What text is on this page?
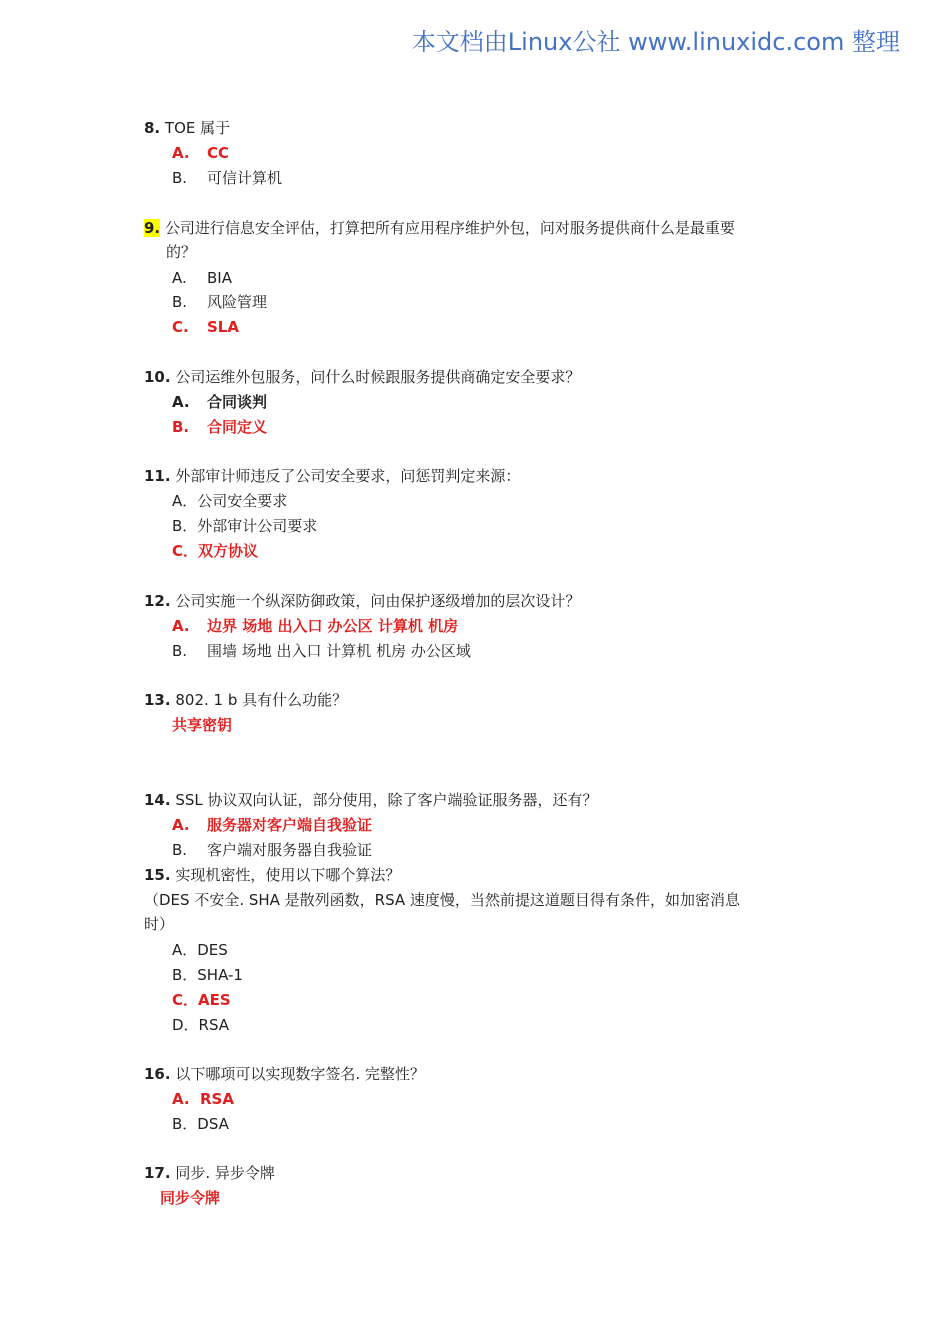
本文档由Linux公社 www.linuxidc.com 整理
8. TOE 属于
A. CC
B. 可信计算机
9. 公司进行信息安全评估，打算把所有应用程序维护外包，问对服务提供商什么是最重要
的？
A. BIA
B. 风险管理
C. SLA
10. 公司运维外包服务，问什么时候跟服务提供商确定安全要求？
A. 合同谈判
B. 合同定义
11. 外部审计师违反了公司安全要求，问惩罚判定来源：
A．公司安全要求
B．外部审计公司要求
C．双方协议
12. 公司实施一个纵深防御政策，问由保护逐级增加的层次设计？
A. 边界 场地 出入口 办公区 计算机 机房
B. 围墙 场地 出入口 计算机 机房 办公区域
13. 802. 1 b 具有什么功能？
共享密钥
14. SSL 协议双向认证，部分使用，除了客户端验证服务器，还有？
A. 服务器对客户端自我验证
B. 客户端对服务器自我验证
15. 实现机密性，使用以下哪个算法？
（DES 不安全. SHA 是散列函数，RSA 速度慢，当然前提这道题目得有条件，如加密消息
时）
A．DES
B．SHA-1
C．AES
D．RSA
16. 以下哪项可以实现数字签名. 完整性？
A. RSA
B．DSA
17. 同步. 异步令牌
同步令牌
